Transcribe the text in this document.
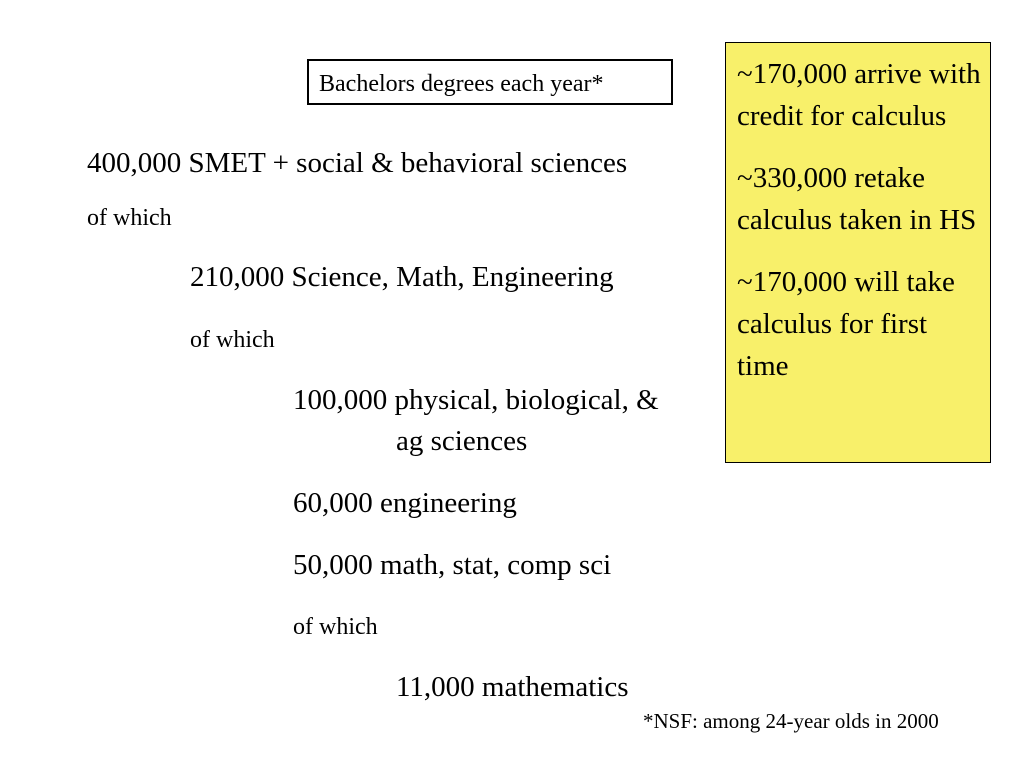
Bachelors degrees each year*
400,000 SMET + social & behavioral sciences
of which
210,000 Science, Math, Engineering
of which
100,000 physical, biological, &
ag sciences
60,000 engineering
50,000 math, stat, comp sci
of which
11,000 mathematics
*NSF: among 24-year olds in 2000

~170,000 arrive with credit for calculus

~330,000 retake calculus taken in HS

~170,000 will take calculus for first time
